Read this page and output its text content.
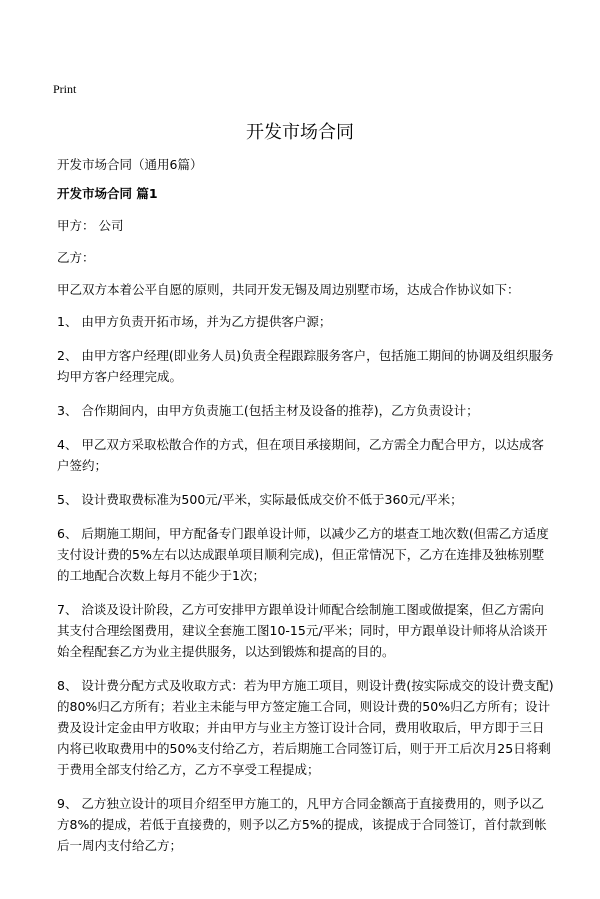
Print
开发市场合同

开发市场合同（通用6篇）

开发市场合同 篇1

甲方： 公司

乙方：

甲乙双方本着公平自愿的原则，共同开发无锡及周边别墅市场，达成合作协议如下：

1、 由甲方负责开拓市场，并为乙方提供客户源；

2、 由甲方客户经理(即业务人员)负责全程跟踪服务客户，包括施工期间的协调及组织服务均甲方客户经理完成。

3、 合作期间内，由甲方负责施工(包括主材及设备的推荐)，乙方负责设计；

4、 甲乙双方采取松散合作的方式，但在项目承接期间，乙方需全力配合甲方，以达成客户签约；

5、 设计费取费标准为500元/平米，实际最低成交价不低于360元/平米；

6、 后期施工期间，甲方配备专门跟单设计师，以减少乙方的堪查工地次数(但需乙方适度支付设计费的5%左右以达成跟单项目顺利完成)，但正常情况下，乙方在连排及独栋别墅的工地配合次数上每月不能少于1次；

7、 洽谈及设计阶段，乙方可安排甲方跟单设计师配合绘制施工图或做提案，但乙方需向其支付合理绘图费用，建议全套施工图10-15元/平米；同时，甲方跟单设计师将从洽谈开始全程配套乙方为业主提供服务，以达到锻炼和提高的目的。

8、 设计费分配方式及收取方式：若为甲方施工项目，则设计费(按实际成交的设计费支配)的80%归乙方所有；若业主未能与甲方签定施工合同，则设计费的50%归乙方所有；设计费及设计定金由甲方收取；并由甲方与业主方签订设计合同，费用收取后，甲方即于三日内将已收取费用中的50%支付给乙方，若后期施工合同签订后，则于开工后次月25日将剩于费用全部支付给乙方，乙方不享受工程提成；

9、 乙方独立设计的项目介绍至甲方施工的，凡甲方合同金额高于直接费用的，则予以乙方8%的提成，若低于直接费的，则予以乙方5%的提成，该提成于合同签订，首付款到帐后一周内支付给乙方；
